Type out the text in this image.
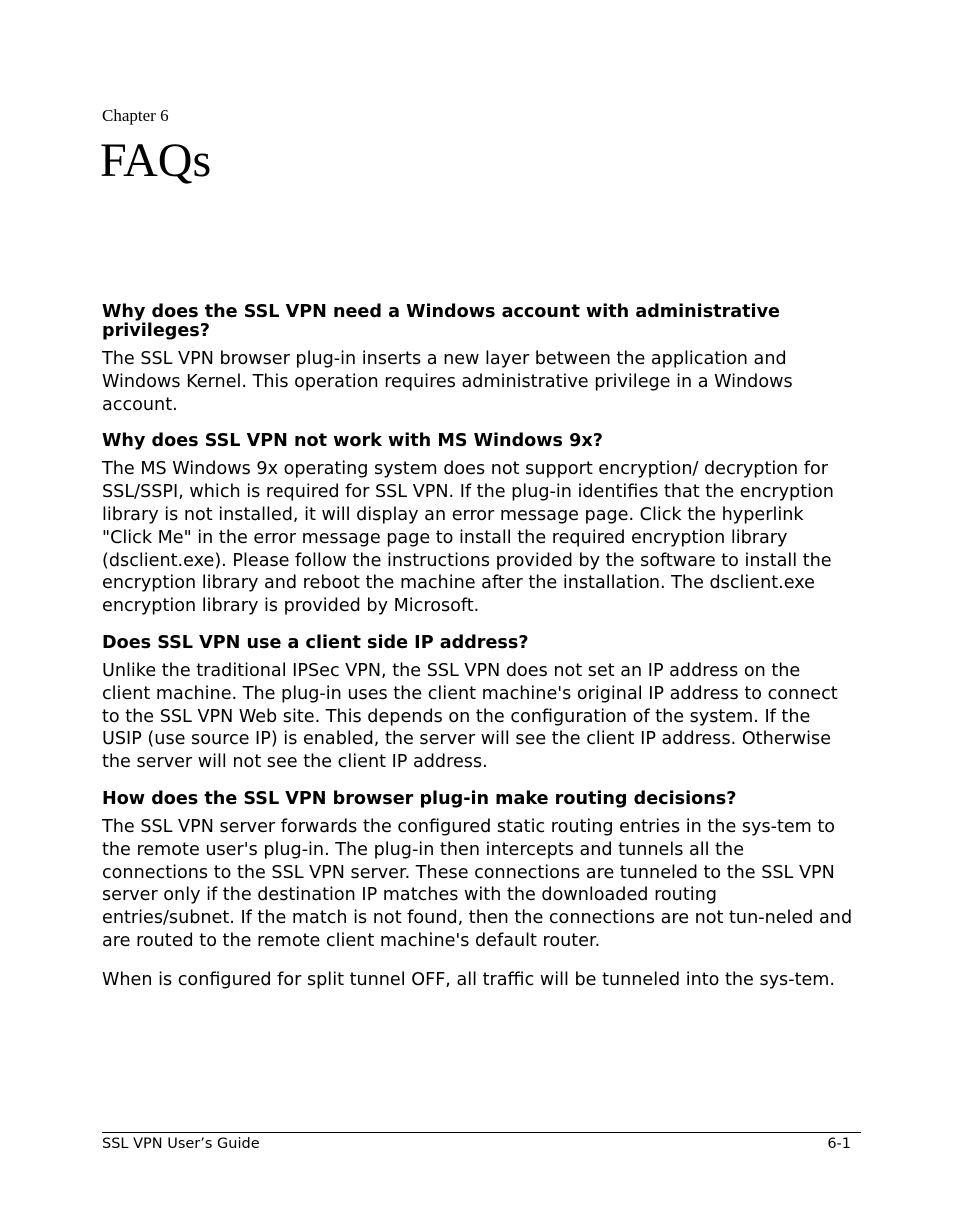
Chapter 6

FAQs

Why does the SSL VPN need a Windows account with administrative privileges?

The SSL VPN browser plug-in inserts a new layer between the application and Windows Kernel. This operation requires administrative privilege in a Windows account.

Why does SSL VPN not work with MS Windows 9x?

The MS Windows 9x operating system does not support encryption/ decryption for SSL/SSPI, which is required for SSL VPN. If the plug-in identifies that the encryption library is not installed, it will display an error message page. Click the hyperlink "Click Me" in the error message page to install the required encryption library (dsclient.exe). Please follow the instructions provided by the software to install the encryption library and reboot the machine after the installation. The dsclient.exe encryption library is provided by Microsoft.

Does SSL VPN use a client side IP address?

Unlike the traditional IPSec VPN, the SSL VPN does not set an IP address on the client machine. The plug-in uses the client machine's original IP address to connect to the SSL VPN Web site. This depends on the configuration of the system. If the USIP (use source IP) is enabled, the server will see the client IP address. Otherwise the server will not see the client IP address.

How does the SSL VPN browser plug-in make routing decisions?

The SSL VPN server forwards the configured static routing entries in the sys-tem to the remote user's plug-in. The plug-in then intercepts and tunnels all the connections to the SSL VPN server. These connections are tunneled to the SSL VPN server only if the destination IP matches with the downloaded routing entries/subnet. If the match is not found, then the connections are not tun-neled and are routed to the remote client machine's default router.

When is configured for split tunnel OFF, all traffic will be tunneled into the sys-tem.

SSL VPN User’s Guide	6-1
